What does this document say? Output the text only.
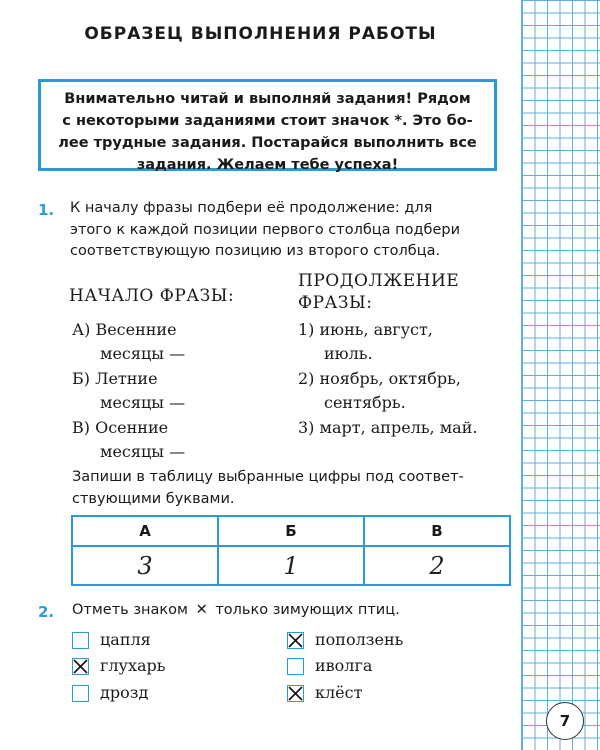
ОБРАЗЕЦ ВЫПОЛНЕНИЯ РАБОТЫ
Внимательно читай и выполняй задания! Рядом
с некоторыми заданиями стоит значок *. Это бо-
лее трудные задания. Постарайся выполнить все
задания. Желаем тебе успеха!
1. К началу фразы подбери её продолжение: для
этого к каждой позиции первого столбца подбери
соответствующую позицию из второго столбца.
НАЧАЛО ФРАЗЫ:
ПРОДОЛЖЕНИЕ
ФРАЗЫ:
А) Весенние
месяцы —
Б) Летние
месяцы —
В) Осенние
месяцы —
1) июнь, август,
июль.
2) ноябрь, октябрь,
сентябрь.
3) март, апрель, май.
Запиши в таблицу выбранные цифры под соответ-
ствующими буквами.
А	Б	В
3	1	2
2. Отметь знаком ✕ только зимующих птиц.
цапля
глухарь
дрозд
поползень
иволга
клёст
7
